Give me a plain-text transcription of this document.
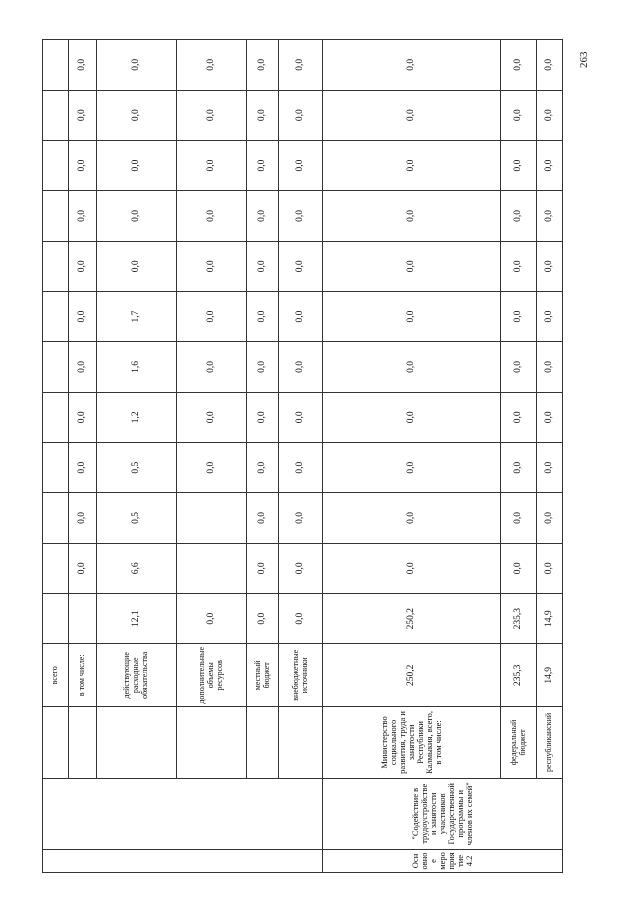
263
			всего												
			в том числе:		0,0	0,0	0,0	0,0	0,0	0,0	0,0	0,0	0,0	0,0	0,0
			действующие расходные обязательства	12,1	6,6	0,5	0,5	1,2	1,6	1,7	0,0	0,0	0,0	0,0	0,0
			дополнительные объемы ресурсов	0,0			0,0	0,0	0,0	0,0	0,0	0,0	0,0	0,0	0,0
			местный бюджет	0,0	0,0	0,0	0,0	0,0	0,0	0,0	0,0	0,0	0,0	0,0	0,0
			внебюджетные источники	0,0	0,0	0,0	0,0	0,0	0,0	0,0	0,0	0,0	0,0	0,0	0,0
Основное мероприятие 4.2	"Содействие в трудоустройстве и занятости участников Государственной программы и членов их семей"	Министерство социального развития, труда и занятости Республики Калмыкия, всего, в том числе:	250,2	250,2	0,0	0,0	0,0	0,0	0,0	0,0	0,0	0,0	0,0	0,0	0,0
		федеральный бюджет	235,3	235,3	0,0	0,0	0,0	0,0	0,0	0,0	0,0	0,0	0,0	0,0	0,0
		республиканский	14,9	14,9	0,0	0,0	0,0	0,0	0,0	0,0	0,0	0,0	0,0	0,0	0,0
